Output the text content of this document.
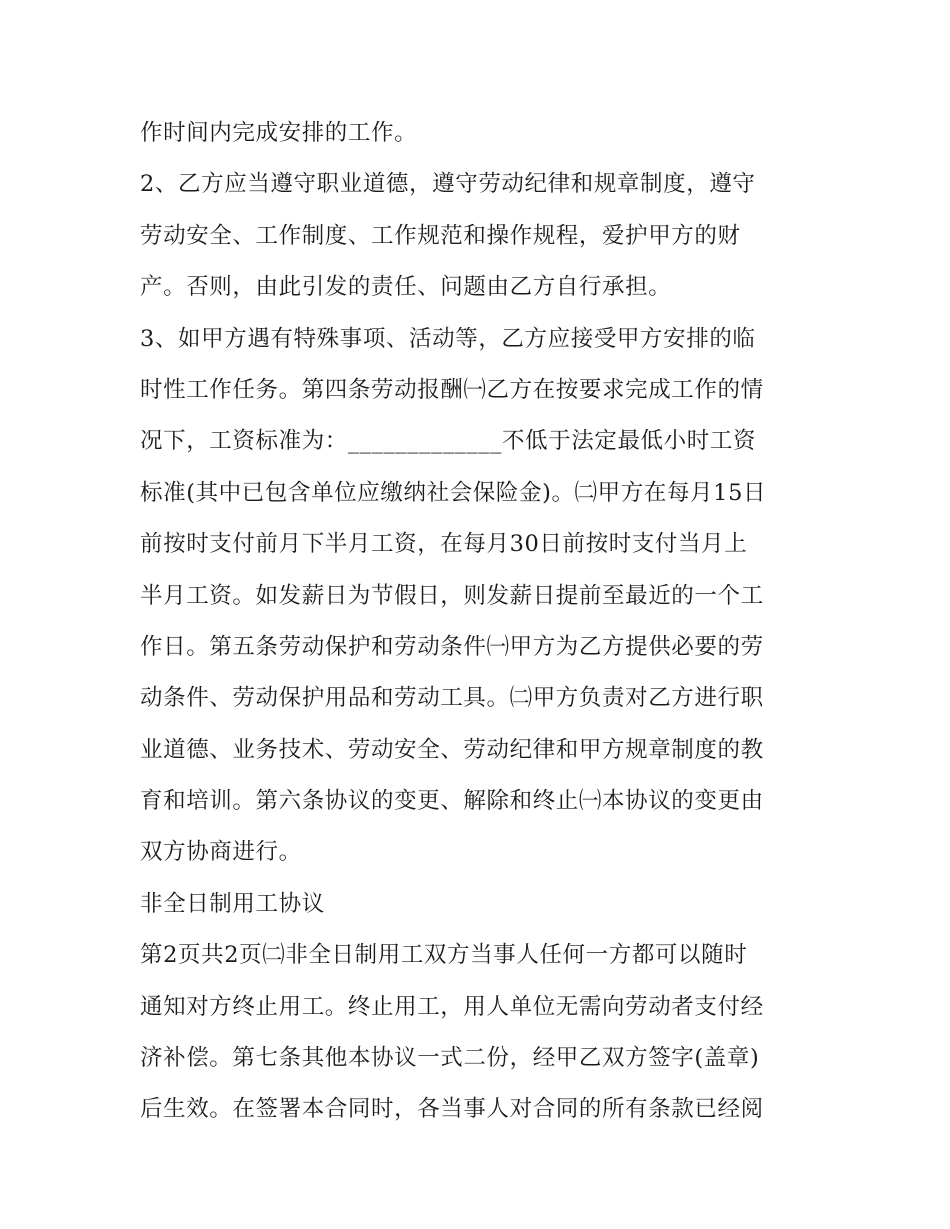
作时间内完成安排的工作。
2、乙方应当遵守职业道德，遵守劳动纪律和规章制度，遵守
劳动安全、工作制度、工作规范和操作规程，爱护甲方的财
产。否则，由此引发的责任、问题由乙方自行承担。
3、如甲方遇有特殊事项、活动等，乙方应接受甲方安排的临
时性工作任务。第四条劳动报酬㈠乙方在按要求完成工作的情
况下，工资标准为：_____________不低于法定最低小时工资
标准(其中已包含单位应缴纳社会保险金)。㈡甲方在每月15日
前按时支付前月下半月工资，在每月30日前按时支付当月上
半月工资。如发薪日为节假日，则发薪日提前至最近的一个工
作日。第五条劳动保护和劳动条件㈠甲方为乙方提供必要的劳
动条件、劳动保护用品和劳动工具。㈡甲方负责对乙方进行职
业道德、业务技术、劳动安全、劳动纪律和甲方规章制度的教
育和培训。第六条协议的变更、解除和终止㈠本协议的变更由
双方协商进行。
非全日制用工协议
第2页共2页㈡非全日制用工双方当事人任何一方都可以随时
通知对方终止用工。终止用工，用人单位无需向劳动者支付经
济补偿。第七条其他本协议一式二份，经甲乙双方签字(盖章)
后生效。在签署本合同时，各当事人对合同的所有条款已经阅
